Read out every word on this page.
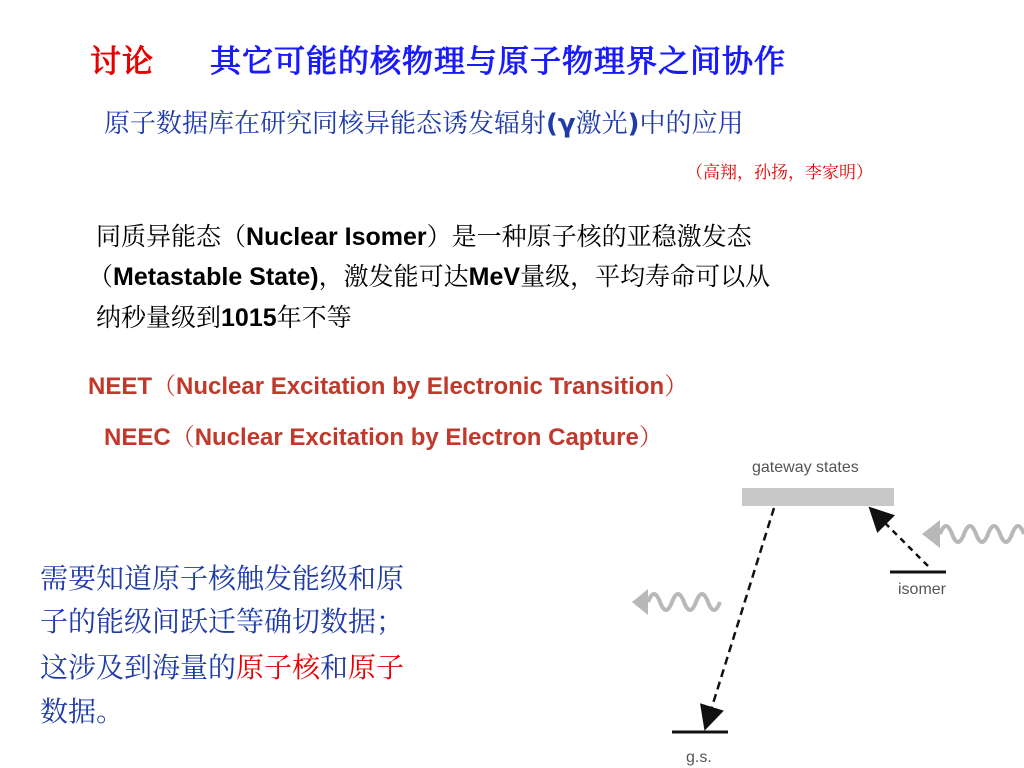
讨论 其它可能的核物理与原子物理界之间协作
原子数据库在研究同核异能态诱发辐射(γ激光)中的应用
（高翔，孙扬，李家明）
同质异能态（Nuclear Isomer）是一种原子核的亚稳激发态
（Metastable State)，激发能可达MeV量级，平均寿命可以从
纳秒量级到1015年不等
NEET（Nuclear Excitation by Electronic Transition）
NEEC（Nuclear Excitation by Electron Capture）
需要知道原子核触发能级和原
子的能级间跃迁等确切数据；
这涉及到海量的原子核和原子
数据。
gateway states
isomer
g.s.
